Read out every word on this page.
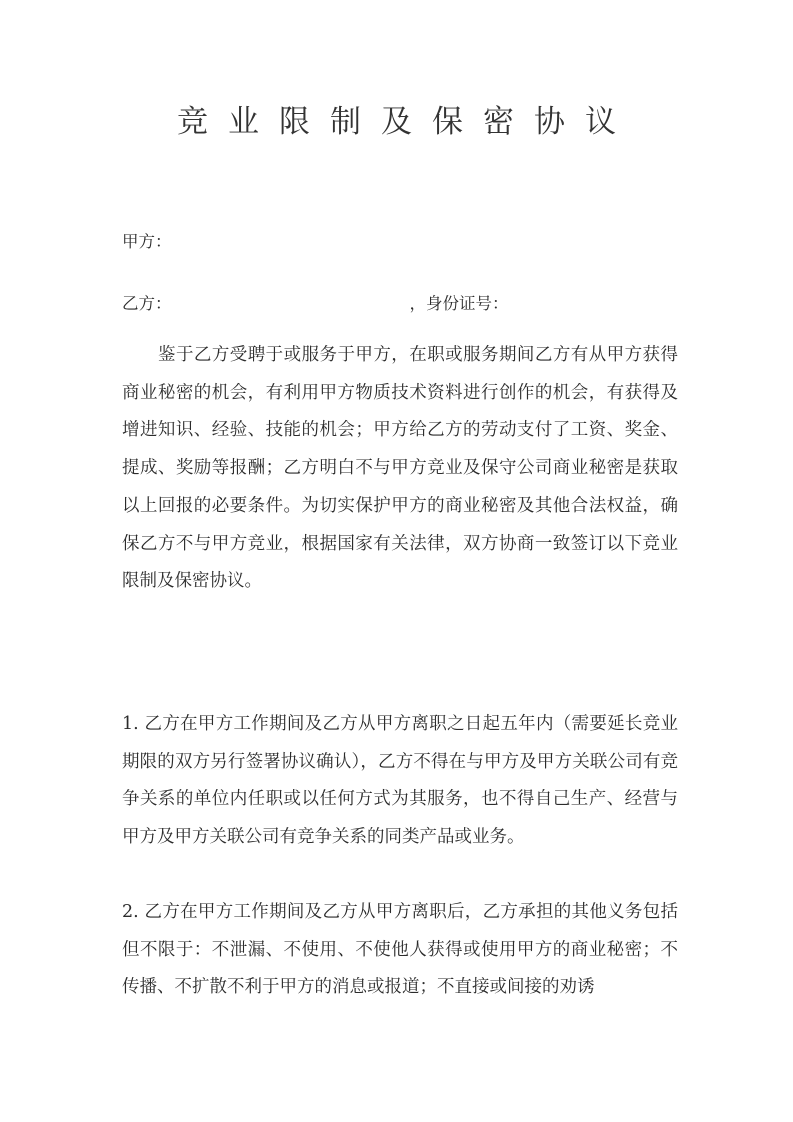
竞业限制及保密协议
甲方：
乙方：	，身份证号：

鉴于乙方受聘于或服务于甲方，在职或服务期间乙方有从甲方获得商业秘密的机会，有利用甲方物质技术资料进行创作的机会，有获得及增进知识、经验、技能的机会；甲方给乙方的劳动支付了工资、奖金、提成、奖励等报酬；乙方明白不与甲方竞业及保守公司商业秘密是获取以上回报的必要条件。为切实保护甲方的商业秘密及其他合法权益，确保乙方不与甲方竞业，根据国家有关法律，双方协商一致签订以下竞业限制及保密协议。

1. 乙方在甲方工作期间及乙方从甲方离职之日起五年内（需要延长竞业期限的双方另行签署协议确认），乙方不得在与甲方及甲方关联公司有竞争关系的单位内任职或以任何方式为其服务，也不得自己生产、经营与甲方及甲方关联公司有竞争关系的同类产品或业务。

2. 乙方在甲方工作期间及乙方从甲方离职后，乙方承担的其他义务包括但不限于：不泄漏、不使用、不使他人获得或使用甲方的商业秘密；不传播、不扩散不利于甲方的消息或报道；不直接或间接的劝诱
